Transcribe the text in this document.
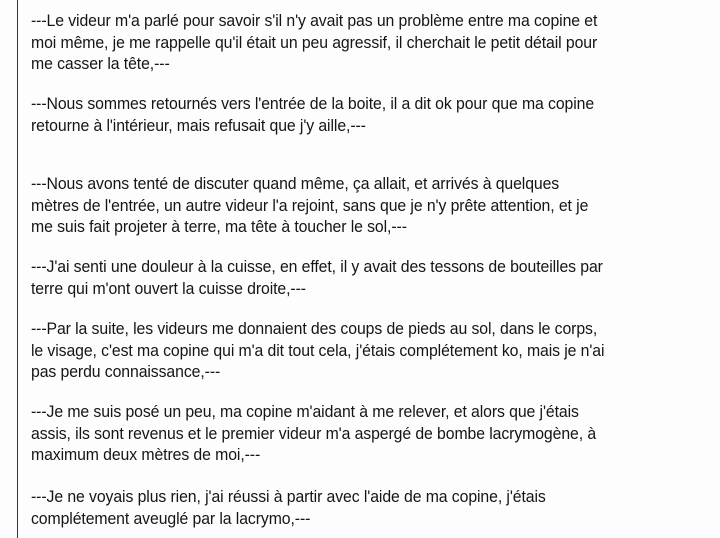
---Le videur m'a parlé pour savoir s'il n'y avait pas un problème entre ma copine et
moi même, je me rappelle qu'il était un peu agressif, il cherchait le petit détail pour
me casser la tête,---
---Nous sommes retournés vers l'entrée de la boite, il a dit ok pour que ma copine
retourne à l'intérieur, mais refusait que j'y aille,---
---Nous avons tenté de discuter quand même, ça allait, et arrivés à quelques
mètres de l'entrée, un autre videur l'a rejoint, sans que je n'y prête attention, et je
me suis fait projeter à terre, ma tête à toucher le sol,---
---J'ai senti une douleur à la cuisse, en effet, il y avait des tessons de bouteilles par
terre qui m'ont ouvert la cuisse droite,---
---Par la suite, les videurs me donnaient des coups de pieds au sol, dans le corps,
le visage, c'est ma copine qui m'a dit tout cela, j'étais complétement ko, mais je n'ai
pas perdu connaissance,---
---Je me suis posé un peu, ma copine m'aidant à me relever, et alors que j'étais
assis, ils sont revenus et le premier videur m'a aspergé de bombe lacrymogène, à
maximum deux mètres de moi,---
---Je ne voyais plus rien, j'ai réussi à partir avec l'aide de ma copine, j'étais
complétement aveuglé par la lacrymo,---
